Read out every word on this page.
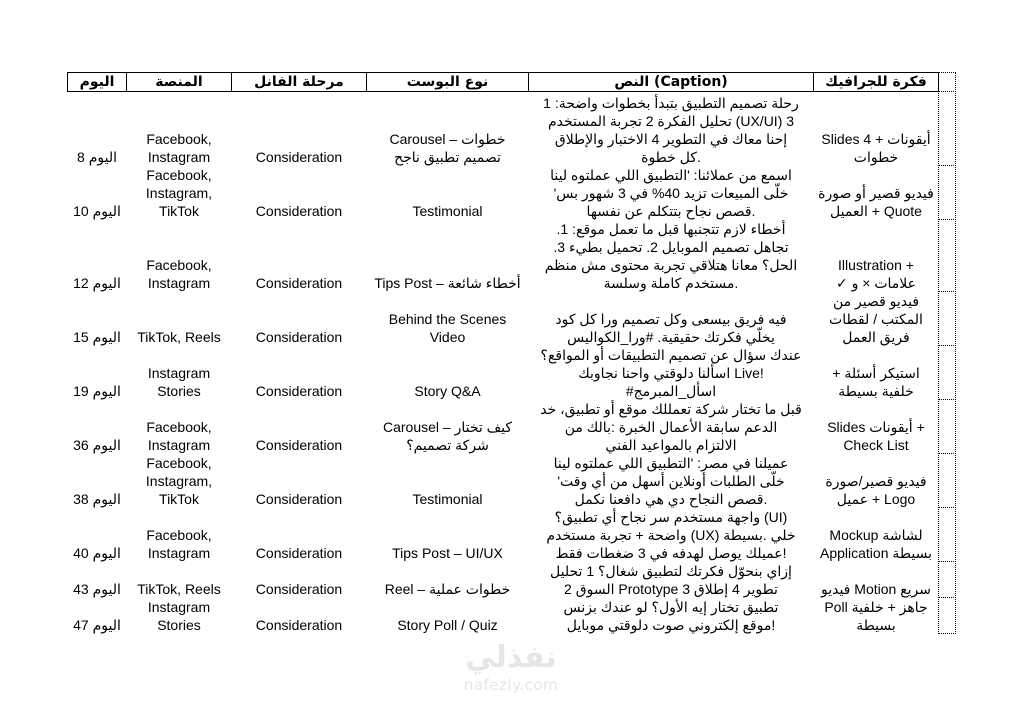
اليوم	المنصة	مرحلة الفانل	نوع البوست	النص (Caption)	فكرة للجرافيك

اليوم 8	Facebook,
Instagram	Consideration	خطوات – Carousel
تصميم تطبيق ناجح	رحلة تصميم التطبيق بتبدأ بخطوات واضحة: 1
3 (UX/UI) تحليل الفكرة 2 تجربة المستخدم
إحنا معاك في التطوير 4 الاختبار والإطلاق
.كل خطوة	أيقونات + 4 Slides
خطوات

اليوم 10	Facebook,
Instagram,
TikTok	Consideration	Testimonial	اسمع من عملائنا: 'التطبيق اللي عملتوه لينا
خلّى المبيعات تزيد 40% في 3 شهور بس'
.قصص نجاح بتتكلم عن نفسها	فيديو قصير أو صورة
Quote + العميل

اليوم 12	Facebook,
Instagram	Consideration	أخطاء شائعة – Tips Post	أخطاء لازم تتجنبها قبل ما تعمل موقع: 1.
تجاهل تصميم الموبايل 2. تحميل بطيء 3.
الحل؟ معانا هتلاقي تجربة محتوى مش منظم
.مستخدم كاملة وسلسة	+ Illustration
علامات × و ✓

اليوم 15	TikTok, Reels	Consideration	Behind the Scenes
Video	فيه فريق بيسعى وكل تصميم ورا كل كود
يخلّي فكرتك حقيقية. #ورا_الكواليس	فيديو قصير من
المكتب / لقطات
فريق العمل

اليوم 19	Instagram
Stories	Consideration	Story Q&A	عندك سؤال عن تصميم التطبيقات أو المواقع؟
!Live اسألنا دلوقتي واحنا نجاوبك
اسأل_المبرمج#	استيكر أسئلة +
خلفية بسيطة

اليوم 36	Facebook,
Instagram	Consideration	كيف تختار – Carousel
شركة تصميم؟	قبل ما تختار شركة تعمللك موقع أو تطبيق، خد
الدعم سابقة الأعمال الخبرة :بالك من
الالتزام بالمواعيد الفني	+ أيقونات Slides
Check List

اليوم 38	Facebook,
Instagram,
TikTok	Consideration	Testimonial	عميلنا في مصر: 'التطبيق اللي عملتوه لينا
خلّى الطلبات أونلاين أسهل من أي وقت'
.قصص النجاح دي هي دافعنا نكمل	فيديو قصير/صورة
Logo + عميل

اليوم 40	Facebook,
Instagram	Consideration	Tips Post – UI/UX	(UI) واجهة مستخدم سر نجاح أي تطبيق؟
خلي .بسيطة (UX) واضحة + تجربة مستخدم
!عميلك يوصل لهدفه في 3 ضغطات فقط	لشاشة Mockup
بسيطة Application

اليوم 43	TikTok, Reels	Consideration	خطوات عملية – Reel	إزاي بنحوّل فكرتك لتطبيق شغال؟ 1 تحليل
تطوير 4 إطلاق 3 Prototype السوق 2	سريع Motion فيديو

اليوم 47	Instagram
Stories	Consideration	Story Poll / Quiz	تطبيق تختار إيه الأول؟ لو عندك بزنس
!موقع إلكتروني صوت دلوقتي موبايل	جاهز + خلفية Poll
بسيطة
نفذلي
nafezly.com
